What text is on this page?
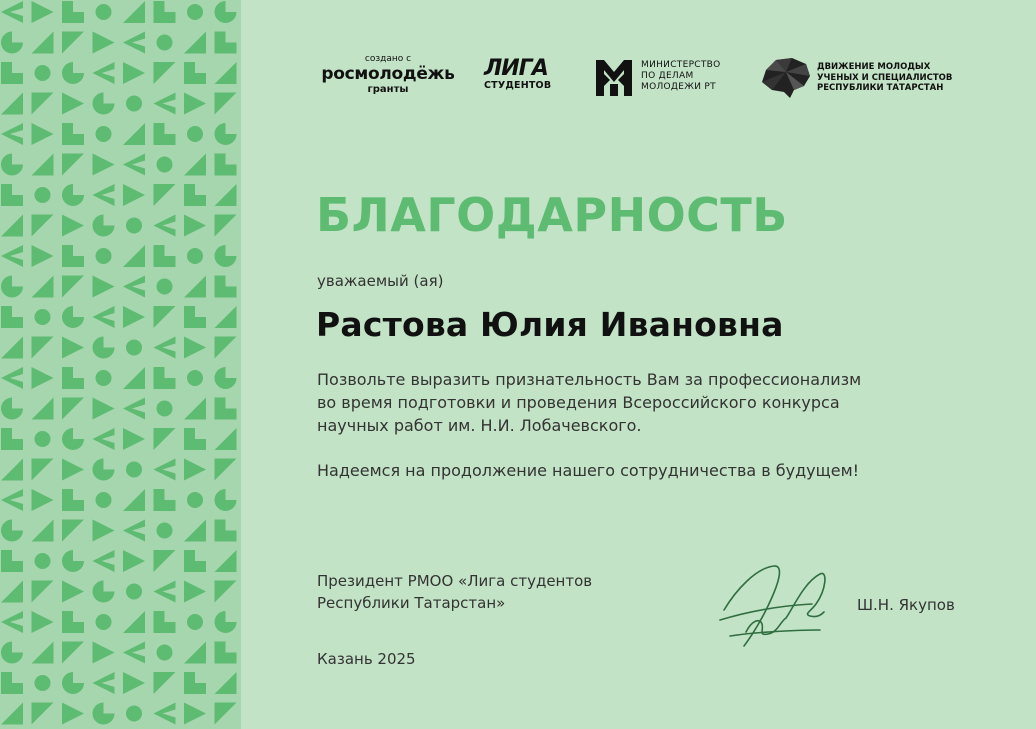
создано с
росмолодёжь
гранты
ЛИГА
СТУДЕНТОВ
МИНИСТЕРСТВО
ПО ДЕЛАМ
МОЛОДЕЖИ РТ
ДВИЖЕНИЕ МОЛОДЫХ
УЧЕНЫХ И СПЕЦИАЛИСТОВ
РЕСПУБЛИКИ ТАТАРСТАН
БЛАГОДАРНОСТЬ
уважаемый (ая)
Растова Юлия Ивановна

Позвольте выразить признательность Вам за профессионализм

во время подготовки и проведения Всероссийского конкурса

научных работ им. Н.И. Лобачевского.

Надеемся на продолжение нашего сотрудничества в будущем!

Президент РМОО «Лига студентов
Республики Татарстан»	Ш.Н. Якупов
Казань 2025
